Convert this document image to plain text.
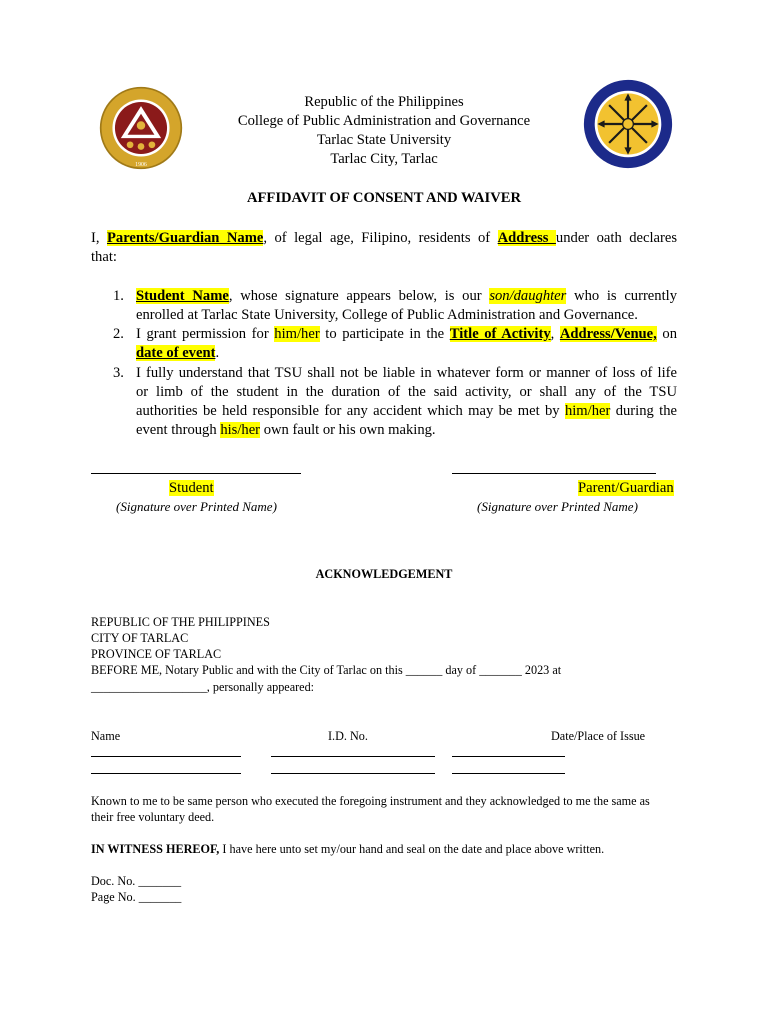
1906
Republic of the Philippines
College of Public Administration and Governance
Tarlac State University
Tarlac City, Tarlac
AFFIDAVIT OF CONSENT AND WAIVER
I, Parents/Guardian Name, of legal age, Filipino, residents of Address under oath declares
that:
1. Student Name, whose signature appears below, is our son/daughter who is currently
enrolled at Tarlac State University, College of Public Administration and Governance.
2. I grant permission for him/her to participate in the Title of Activity, Address/Venue, on
date of event.
3. I fully understand that TSU shall not be liable in whatever form or manner of loss of life
or limb of the student in the duration of the said activity, or shall any of the TSU
authorities be held responsible for any accident which may be met by him/her during the
event through his/her own fault or his own making.
Student
(Signature over Printed Name)
Parent/Guardian
(Signature over Printed Name)
ACKNOWLEDGEMENT
REPUBLIC OF THE PHILIPPINES
CITY OF TARLAC
PROVINCE OF TARLAC
BEFORE ME, Notary Public and with the City of Tarlac on this ______ day of _______ 2023 at
___________________, personally appeared:
Name	I.D. No.	Date/Place of Issue
Known to me to be same person who executed the foregoing instrument and they acknowledged to me the same as
their free voluntary deed.
IN WITNESS HEREOF, I have here unto set my/our hand and seal on the date and place above written.
Doc. No. _______
Page No. _______
